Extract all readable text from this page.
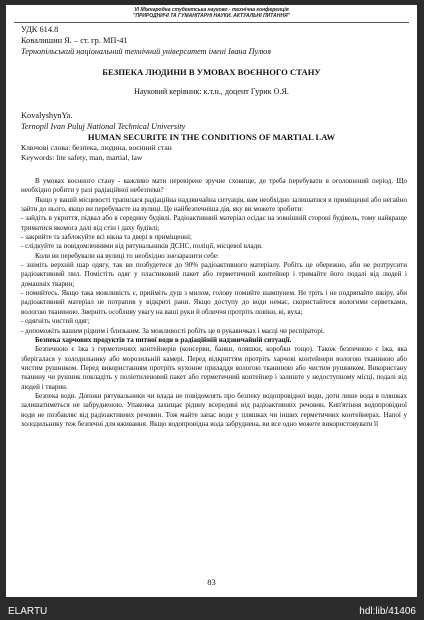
VI Міжнародна студентська науково - технічна конференція
"ПРИРОДНИЧІ ТА ГУМАНІТАРНІ НАУКИ. АКТУАЛЬНІ ПИТАННЯ"
УДК 614.8
Ковалишин Я. – ст. гр. МП-41
Тернопільський національний технічний університет імені Івана Пулюя
БЕЗПЕКА ЛЮДИНИ В УМОВАХ ВОЄННОГО СТАНУ
Науковий керівник: к.т.н., доцент Гурик О.Я.
KovalyshynYa.
Ternopil Ivan Puluj National Technical University
HUMAN SECURITE IN THE CONDITIONS OF MARTIAL LAW
Ключові слова: безпека, людина, воєнний стан
Keywords: lite safety, man, martial, law

В умовах воєнного стану - важливо мати перевірене зручне сховище, де треба перебувати в оголошений період. Що необхідно робити у разі радіаційної небезпеки?

Якщо у вашій місцевості трапилася радіаційна надзвичайна ситуація, вам необхідно залишатися в приміщенні або негайно зайти до нього, якщо ви перебуваєте на вулиці. Це найбезпечніша дія, яку ви можете зробити:

- зайдіть в укриття, підвал або в середину будівлі. Радіоактивний матеріал осідає на зовнішній стороні будівель, тому найкраще триматися якомога далі від стін і даху будівлі;

- закрийте та заблокуйте всі вікна та двері в приміщенні;

- слідкуйте за повідомленнями від рятувальників ДСНС, поліції, місцевої влади.

Коли ви перебували на вулиці то необхідно знезаразити себе:

- зніміть верхній шар одягу, так ви позбудетеся до 90% радіоактивного матеріалу. Робіть це обережно, аби не розтрусити радіоактивний пил. Помістіть одяг у пластиковий пакет або герметичний контейнер і тримайте його подалі від людей і домашніх тварин;

- помийтесь. Якщо така можливість є, прийміть душ з милом, голову помийте шампунем. Не тріть і не подряпайте шкіру, аби радіоактивний матеріал не потрапив у відкриті рани. Якщо доступу до води немає, скористайтеся вологими серветками, вологою тканиною. Зверніть особливу увагу на ваші руки й обличчя протріть повіки, ві, вуха;

- одягніть чистий одяг;

- допоможіть вашим рідним і близьким. За можливості робіть це в рукавичках і масці чи респіраторі.

Безпека харчових продуктів та питної води в радіаційній надзвичайній ситуації.

Безпечною є їжа з герметичних контейнерів (консерви, банки, пляшки, коробки тощо). Також безпечною є їжа, яка зберігалася у холодильнику або морозильній камері. Перед відкриттям протріть харчові контейнери вологою тканиною або чистим рушником. Перед використанням протріть кухонне приладдя вологою тканиною або чистим рушником. Використану тканину чи рушник покладіть у поліетиленовий пакет або герметичний контейнер і залиште у недоступному місці, подалі від людей і тварин.

Безпека води. Допоки рятувальники чи влада не повідомлять про безпеку водопровідної води, доти лише вода в пляшках залишатиметься не забрудненою. Упаковка захищає рідину всередині від радіоактивних речовин. Кип'ятіння водопровідної води не позбавляє від радіоактивних речовин. Тож майте запас води у пляшках чи інших герметичних контейнерах. Напої у холодильнику теж безпечні для вживання. Якщо водопровідна вода забруднена, ви все одно можете використовувати її

83
ELARTU	hdl:lib/41406
